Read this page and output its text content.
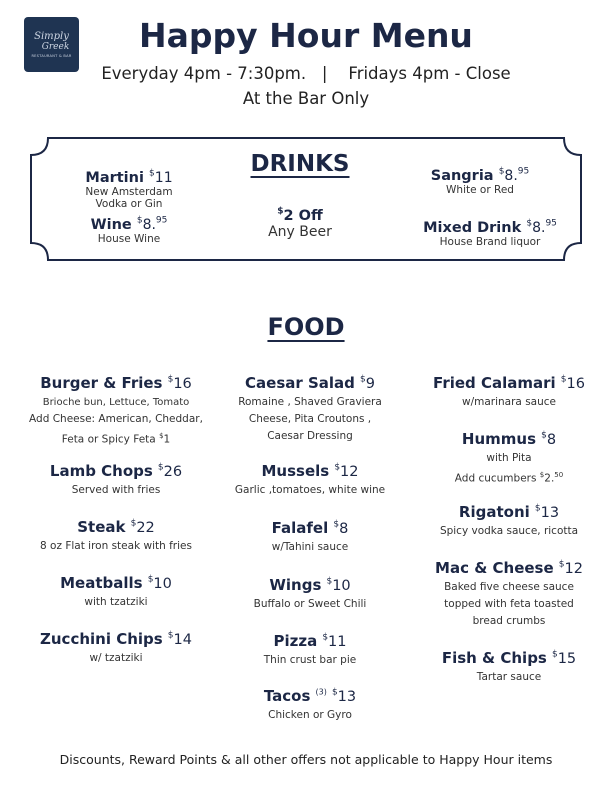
Simply
Greek
RESTAURANT & BAR
Happy Hour Menu
Everyday 4pm - 7:30pm.   |    Fridays 4pm - Close
At the Bar Only
Martini $11
New Amsterdam
Vodka or Gin
Wine $8.95
House Wine
DRINKS
$2 Off
Any Beer
Sangria $8.95
White or Red
Mixed Drink $8.95
House Brand liquor
FOOD
Burger & Fries $16
Brioche bun, Lettuce, Tomato
Add Cheese: American, Cheddar,
Feta or Spicy Feta $1
Lamb Chops $26
Served with fries
Steak $22
8 oz Flat iron steak with fries
Meatballs $10
with tzatziki
Zucchini Chips $14
w/ tzatziki
Caesar Salad $9
Romaine , Shaved Graviera
Cheese, Pita Croutons ,
Caesar Dressing
Mussels $12
Garlic ,tomatoes, white wine
Falafel $8
w/Tahini sauce
Wings $10
Buffalo or Sweet Chili
Pizza $11
Thin crust bar pie
Tacos $^{(3)}$ $13
Chicken or Gyro
Fried Calamari $16
w/marinara sauce
Hummus $8
with Pita
Add cucumbers $2.50
Rigatoni $13
Spicy vodka sauce, ricotta
Mac & Cheese $12
Baked five cheese sauce
topped with feta toasted
bread crumbs
Fish & Chips $15
Tartar sauce
Discounts, Reward Points & all other offers not applicable to Happy Hour items
